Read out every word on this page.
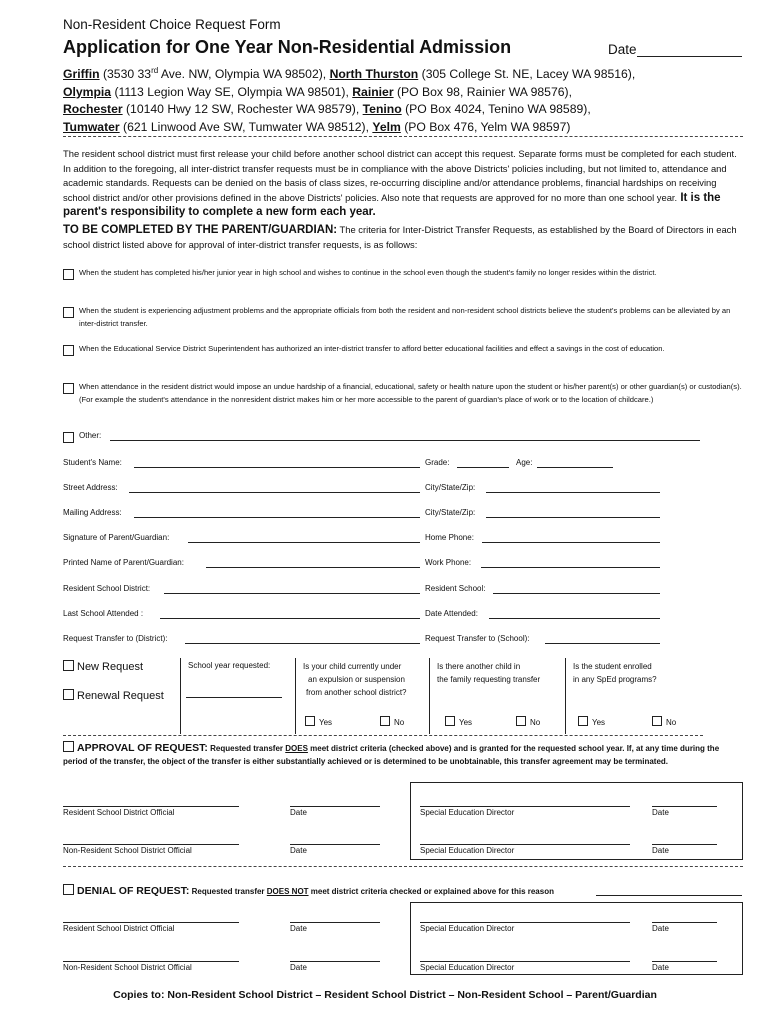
Non-Resident Choice Request Form
Application for One Year Non-Residential Admission	Date
Griffin (3530 33rd Ave. NW, Olympia WA 98502), North Thurston (305 College St. NE, Lacey WA 98516),
Olympia (1113 Legion Way SE, Olympia WA 98501), Rainier (PO Box 98, Rainier WA 98576),
Rochester (10140 Hwy 12 SW, Rochester WA 98579), Tenino (PO Box 4024, Tenino WA 98589),
Tumwater (621 Linwood Ave SW, Tumwater WA 98512), Yelm (PO Box 476, Yelm WA 98597)
The resident school district must first release your child before another school district can accept this request. Separate forms must be completed for each student. In addition to the foregoing, all inter-district transfer requests must be in compliance with the above Districts' policies including, but not limited to, attendance and academic standards. Requests can be denied on the basis of class sizes, re-occurring discipline and/or attendance problems, financial hardships on receiving school district and/or other provisions defined in the above Districts' policies. Also note that requests are approved for no more than one school year. It is the parent's responsibility to complete a new form each year.
TO BE COMPLETED BY THE PARENT/GUARDIAN: The criteria for Inter-District Transfer Requests, as established by the Board of Directors in each school district listed above for approval of inter-district transfer requests, is as follows:
When the student has completed his/her junior year in high school and wishes to continue in the school even though the student's family no longer resides within the district.
When the student is experiencing adjustment problems and the appropriate officials from both the resident and non-resident school districts believe the student's problems can be alleviated by an inter-district transfer.
When the Educational Service District Superintendent has authorized an inter-district transfer to afford better educational facilities and effect a savings in the cost of education.
When attendance in the resident district would impose an undue hardship of a financial, educational, safety or health nature upon the student or his/her parent(s) or other guardian(s) or custodian(s). (For example the student's attendance in the nonresident district makes him or her more accessible to the parent of guardian's place of work or to the location of childcare.)
Other:
Student's Name:	Grade:	Age:
Street Address:	City/State/Zip:
Mailing Address:	City/State/Zip:
Signature of Parent/Guardian:	Home Phone:
Printed Name of Parent/Guardian:	Work Phone:
Resident School District:	Resident School:
Last School Attended :	Date Attended:
Request Transfer to (District):	Request Transfer to (School):
New Request
Renewal Request
School year requested:	Is your child currently under
an expulsion or suspension
from another school district?
Is there another child in
the family requesting transfer
Is the student enrolled
in any SpEd programs?
Yes	No	Yes	No	Yes	No
APPROVAL OF REQUEST: Requested transfer DOES meet district criteria (checked above) and is granted for the requested school year. If, at any time during the period of the transfer, the object of the transfer is either substantially achieved or is determined to be unobtainable, this transfer agreement may be terminated.
Resident School District Official	Date
Non-Resident School District Official	Date
Special Education Director	Date
Special Education Director	Date
DENIAL OF REQUEST: Requested transfer DOES NOT meet district criteria checked or explained above for this reason
Resident School District Official	Date
Non-Resident School District Official	Date
Special Education Director	Date
Special Education Director	Date
Copies to: Non-Resident School District – Resident School District – Non-Resident School – Parent/Guardian
